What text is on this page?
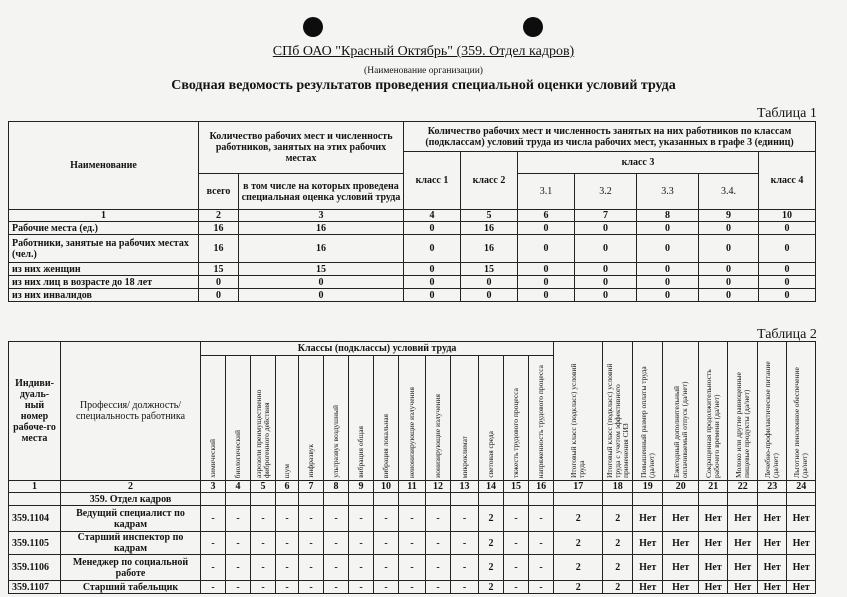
СПб ОАО "Красный Октябрь" (359. Отдел кадров)
(Наименование организации)
Сводная ведомость результатов проведения специальной оценки условий труда
Таблица 1
Наименование	Количество рабочих мест и численность работников, занятых на этих рабочих местах		Количество рабочих мест и численность занятых на них работников по классам (подклассам) условий труда из числа рабочих мест, указанных в графе 3 (единиц)						
			класс 1	класс 2	класс 3				класс 4
	всего	в том числе на которых проведена специальная оценка условий труда			3.1	3.2	3.3	3.4.	
1	2	3	4	5	6	7	8	9	10
Рабочие места (ед.)	16	16	0	16	0	0	0	0	0
Работники, занятые на рабочих местах (чел.)	16	16	0	16	0	0	0	0	0
из них женщин	15	15	0	15	0	0	0	0	0
из них лиц в возрасте до 18 лет	0	0	0	0	0	0	0	0	0
из них инвалидов	0	0	0	0	0	0	0	0	0
Таблица 2
Индиви-дуаль-ный номер рабоче-го места	Профессия/ должность/ специальность работника	Классы (подклассы) условий труда														Итоговый класс (подкласс) условий труда	Итоговый класс (подкласс) условий труда с учетом эффективного применения СИЗ	Повышенный размер оплаты труда (да/нет)	Ежегодный дополнительный оплачиваемый отпуск (да/нет)	Сокращенная продолжительность рабочего времени (да/нет)	Молоко или другие равноценные пищевые продукты (да/нет)	Лечебно-профилактическое питание (да/нет)	Льготное пенсионное обеспечение (да/нет)

		химический	биологический	аэрозоли преимущественно фиброгенного действия	шум	инфразвук	ультразвук воздушный	вибрация общая	вибрация локальная	неионизирующие излучения	ионизирующие излучения	микроклимат	световая среда	тяжесть трудового процесса	напряженность трудового процесса								

1	2	3	4	5	6	7	8	9	10	11	12	13	14	15	16	17	18	19	20	21	22	23	24
	359. Отдел кадров																						
359.1104	Ведущий специалист по кадрам	-	-	-	-	-	-	-	-	-	-	-	2	-	-	2	2	Нет	Нет	Нет	Нет	Нет	Нет
359.1105	Старший инспектор по кадрам	-	-	-	-	-	-	-	-	-	-	-	2	-	-	2	2	Нет	Нет	Нет	Нет	Нет	Нет
359.1106	Менеджер по социальной работе	-	-	-	-	-	-	-	-	-	-	-	2	-	-	2	2	Нет	Нет	Нет	Нет	Нет	Нет
359.1107	Старший табельщик	-	-	-	-	-	-	-	-	-	-	-	2	-	-	2	2	Нет	Нет	Нет	Нет	Нет	Нет
